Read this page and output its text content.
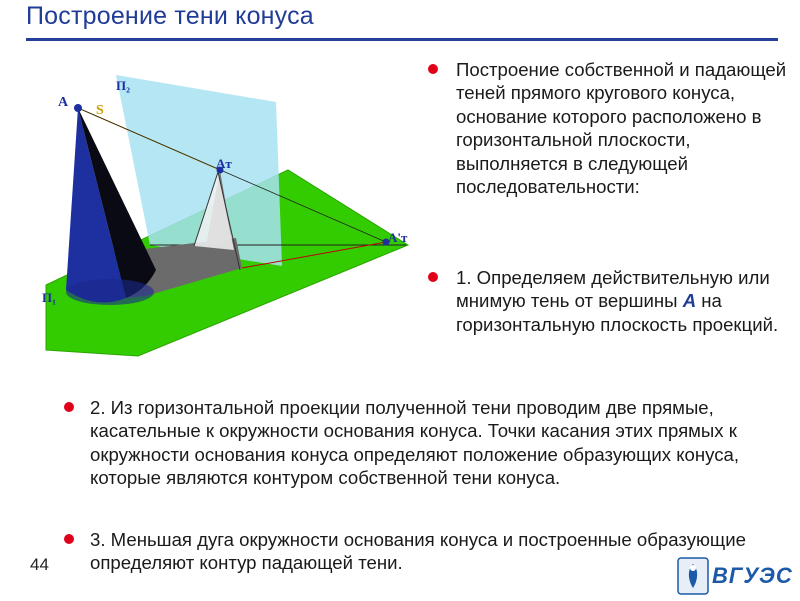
Построение тени конуса
A
S
П₂
П₁
Aт
A'т

Построение собственной и падающей теней прямого кругового конуса, основание которого расположено в горизонтальной плоскости, выполняется в следующей последовательности:

1. Определяем действительную или мнимую тень от вершины А на горизонтальную плоскость проекций.

2. Из горизонтальной проекции полученной тени проводим две прямые, касательные к окружности основания конуса. Точки касания этих прямых к окружности основания конуса определяют положение образующих конуса, которые являются контуром собственной тени конуса.

3. Меньшая дуга окружности основания конуса и построенные образующие определяют контур падающей тени.

44	ВГУЭС
